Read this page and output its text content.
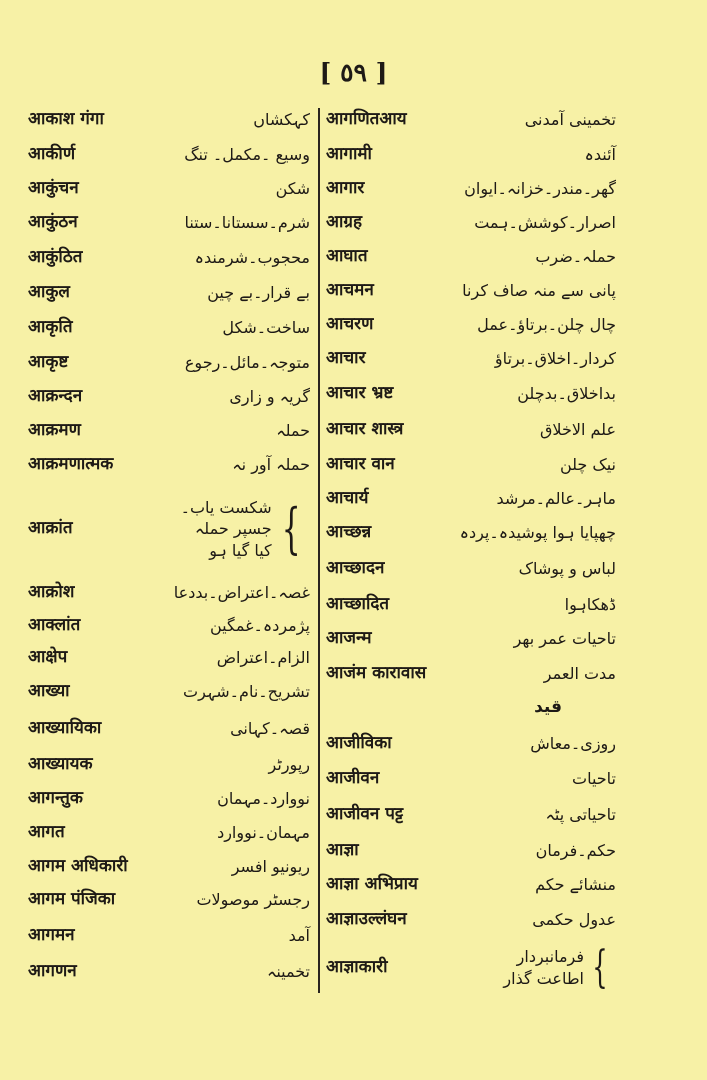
[ ٥٩ ]
आकाश गंगा	کہکشاں
आकीर्ण	وسیع ۔مکمل۔ تنگ
आकुंचन	شکن
आकुंठन	شرم۔سستانا۔ستنا
आकुंठित	محجوب۔شرمندہ
आकुल	بے قرار۔بے چین
आकृति	ساخت۔شکل
आकृष्ट	متوجہ۔مائل۔رجوع
आक्रन्दन	گریہ و زاری
आक्रमण	حملہ
आक्रमणात्मक	حملہ آور نہ
आक्रांत
شکست یاب۔
جسپر حملہ
کیا گیا ہو {
आक्रोश	غصہ۔اعتراض۔بددعا
आक्लांत	پژمردہ۔غمگین
आक्षेप	الزام۔اعتراض
आख्या	تشریح۔نام۔شہرت
आख्यायिका	قصہ۔کہانی
आख्यायक	رپورٹر
आगन्तुक	نووارد۔مہمان
आगत	مہمان۔نووارد
आगम अधिकारी	ریونیو افسر
आगम पंजिका	رجسٹر موصولات
आगमन	آمد
आगणन	تخمینہ
आगणितआय	تخمینی آمدنی
आगामी	آئندہ
आगार	گھر۔مندر۔خزانہ۔ایوان
आग्रह	اصرار۔کوشش۔ہمت
आघात	حملہ۔ضرب
आचमन	پانی سے منہ صاف کرنا
आचरण	چال چلن۔برتاؤ۔عمل
आचार	کردار۔اخلاق۔برتاؤ
आचार भ्रष्ट	بداخلاق۔بدچلن
आचार शास्त्र	علم الاخلاق
आचार वान	نیک چلن
आचार्य	ماہر۔عالم۔مرشد
आच्छन्न	چھپایا ہوا پوشیدہ۔پردہ
आच्छादन	لباس و پوشاک
आच्छादित	ڈھکاہوا
आजन्म	تاحیات عمر بھر
आजंम कारावास	مدت العمر
قید
आजीविका	روزی۔معاش
आजीवन	تاحیات
आजीवन पट्ट	تاحیاتی پٹہ
आज्ञा	حکم۔فرمان
आज्ञा अभिप्राय	منشائے حکم
आज्ञाउल्लंघन	عدول حکمی
आज्ञाकारी
فرمانبردار
اطاعت گذار {
